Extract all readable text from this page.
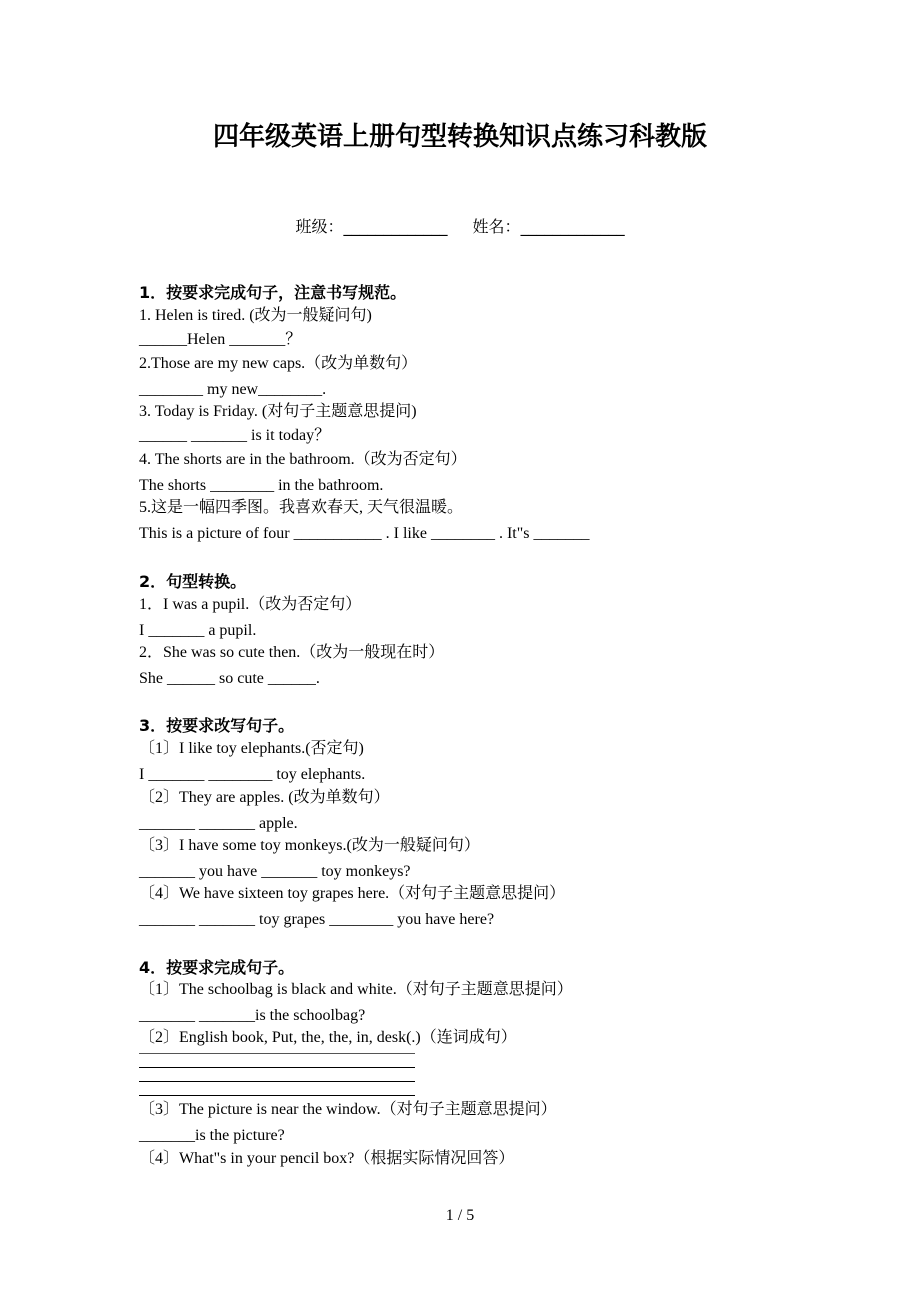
四年级英语上册句型转换知识点练习科教版
班级：_____________ 姓名：_____________
1．按要求完成句子，注意书写规范。
1. Helen is tired. (改为一般疑问句)
______Helen _______？
2.Those are my new caps.（改为单数句）
________ my new________.
3. Today is Friday. (对句子主题意思提问)
______ _______ is it today？
4. The shorts are in the bathroom.（改为否定句）
The shorts ________ in the bathroom.
5.这是一幅四季图。我喜欢春天, 天气很温暖。
This is a picture of four ___________ . I like ________ . It"s _______
2．句型转换。
1．I was a pupil.（改为否定句）
I _______ a pupil.
2．She was so cute then.（改为一般现在时）
She ______ so cute ______.
3．按要求改写句子。
〔1〕I like toy elephants.(否定句)
I _______ ________ toy elephants.
〔2〕They are apples. (改为单数句）
_______ _______ apple.
〔3〕I have some toy monkeys.(改为一般疑问句）
_______ you have _______ toy monkeys?
〔4〕We have sixteen toy grapes here.（对句子主题意思提问）
_______ _______ toy grapes ________ you have here?
4．按要求完成句子。
〔1〕The schoolbag is black and white.（对句子主题意思提问）
_______ _______is the schoolbag?
〔2〕English book, Put, the, the, in, desk(.)（连词成句）
〔3〕The picture is near the window.（对句子主题意思提问）
_______is the picture?
〔4〕What"s in your pencil box?（根据实际情况回答）
1 / 5
